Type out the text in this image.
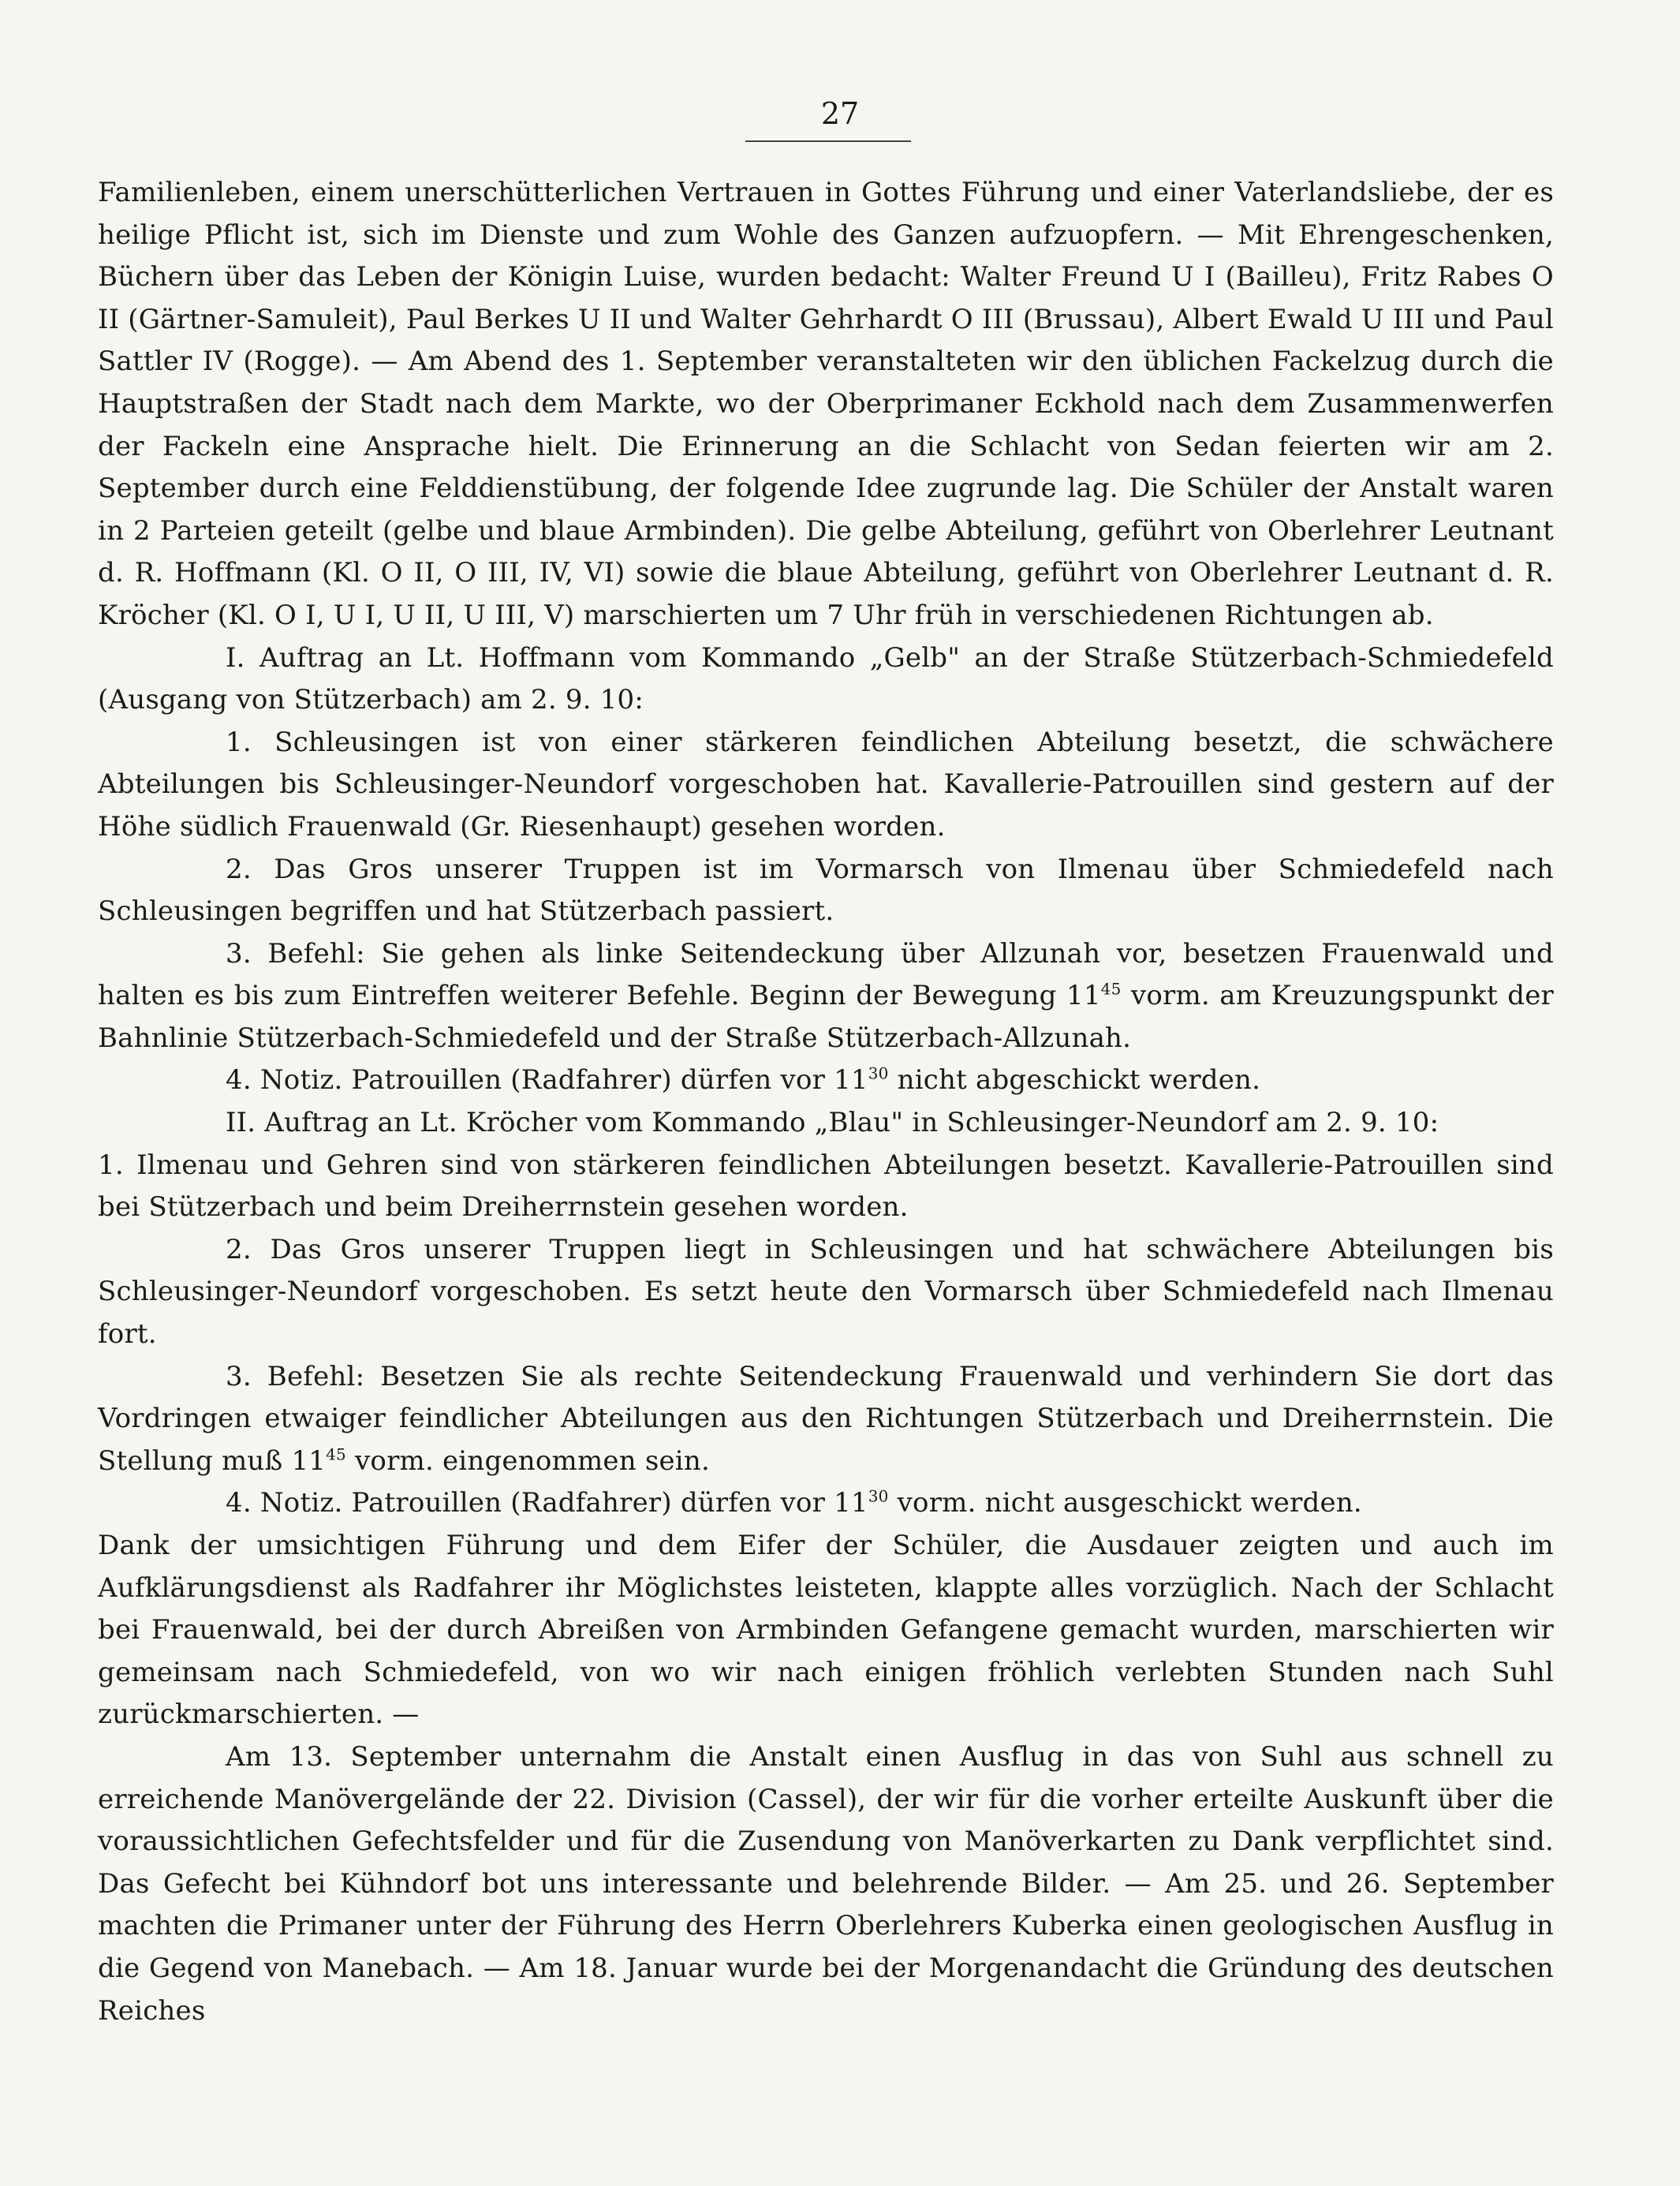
27

Familienleben, einem unerschütterlichen Vertrauen in Gottes Führung und einer Vaterlandsliebe, der es heilige Pflicht ist, sich im Dienste und zum Wohle des Ganzen aufzuopfern. — Mit Ehrengeschenken, Büchern über das Leben der Königin Luise, wurden bedacht: Walter Freund U I (Bailleu), Fritz Rabes O II (Gärtner-Samuleit), Paul Berkes U II und Walter Gehrhardt O III (Brussau), Albert Ewald U III und Paul Sattler IV (Rogge). — Am Abend des 1. September veranstalteten wir den üblichen Fackelzug durch die Hauptstraßen der Stadt nach dem Markte, wo der Oberprimaner Eckhold nach dem Zusammenwerfen der Fackeln eine Ansprache hielt. Die Erinnerung an die Schlacht von Sedan feierten wir am 2. September durch eine Felddienstübung, der folgende Idee zugrunde lag. Die Schüler der Anstalt waren in 2 Parteien geteilt (gelbe und blaue Armbinden). Die gelbe Abteilung, geführt von Oberlehrer Leutnant d. R. Hoffmann (Kl. O II, O III, IV, VI) sowie die blaue Abteilung, geführt von Oberlehrer Leutnant d. R. Kröcher (Kl. O I, U I, U II, U III, V) marschierten um 7 Uhr früh in verschiedenen Richtungen ab.

I. Auftrag an Lt. Hoffmann vom Kommando „Gelb" an der Straße Stützerbach-Schmiedefeld (Ausgang von Stützerbach) am 2. 9. 10:

1. Schleusingen ist von einer stärkeren feindlichen Abteilung besetzt, die schwächere Abteilungen bis Schleusinger-Neundorf vorgeschoben hat. Kavallerie-Patrouillen sind gestern auf der Höhe südlich Frauenwald (Gr. Riesenhaupt) gesehen worden.

2. Das Gros unserer Truppen ist im Vormarsch von Ilmenau über Schmiedefeld nach Schleusingen begriffen und hat Stützerbach passiert.

3. Befehl: Sie gehen als linke Seitendeckung über Allzunah vor, besetzen Frauenwald und halten es bis zum Eintreffen weiterer Befehle. Beginn der Bewegung $11^{45}$ vorm. am Kreuzungspunkt der Bahnlinie Stützerbach-Schmiedefeld und der Straße Stützerbach-Allzunah.

4. Notiz. Patrouillen (Radfahrer) dürfen vor $11^{30}$ nicht abgeschickt werden.

II. Auftrag an Lt. Kröcher vom Kommando „Blau" in Schleusinger-Neundorf am 2. 9. 10:

1. Ilmenau und Gehren sind von stärkeren feindlichen Abteilungen besetzt. Kavallerie-Patrouillen sind bei Stützerbach und beim Dreiherrnstein gesehen worden.

2. Das Gros unserer Truppen liegt in Schleusingen und hat schwächere Abteilungen bis Schleusinger-Neundorf vorgeschoben. Es setzt heute den Vormarsch über Schmiedefeld nach Ilmenau fort.

3. Befehl: Besetzen Sie als rechte Seitendeckung Frauenwald und verhindern Sie dort das Vordringen etwaiger feindlicher Abteilungen aus den Richtungen Stützerbach und Dreiherrnstein. Die Stellung muß $11^{45}$ vorm. eingenommen sein.

4. Notiz. Patrouillen (Radfahrer) dürfen vor $11^{30}$ vorm. nicht ausgeschickt werden.

Dank der umsichtigen Führung und dem Eifer der Schüler, die Ausdauer zeigten und auch im Aufklärungsdienst als Radfahrer ihr Möglichstes leisteten, klappte alles vorzüglich. Nach der Schlacht bei Frauenwald, bei der durch Abreißen von Armbinden Gefangene gemacht wurden, marschierten wir gemeinsam nach Schmiedefeld, von wo wir nach einigen fröhlich verlebten Stunden nach Suhl zurückmarschierten. —

Am 13. September unternahm die Anstalt einen Ausflug in das von Suhl aus schnell zu erreichende Manövergelände der 22. Division (Cassel), der wir für die vorher erteilte Auskunft über die voraussichtlichen Gefechtsfelder und für die Zusendung von Manöverkarten zu Dank verpflichtet sind. Das Gefecht bei Kühndorf bot uns interessante und belehrende Bilder. — Am 25. und 26. September machten die Primaner unter der Führung des Herrn Oberlehrers Kuberka einen geologischen Ausflug in die Gegend von Manebach. — Am 18. Januar wurde bei der Morgenandacht die Gründung des deutschen Reiches
